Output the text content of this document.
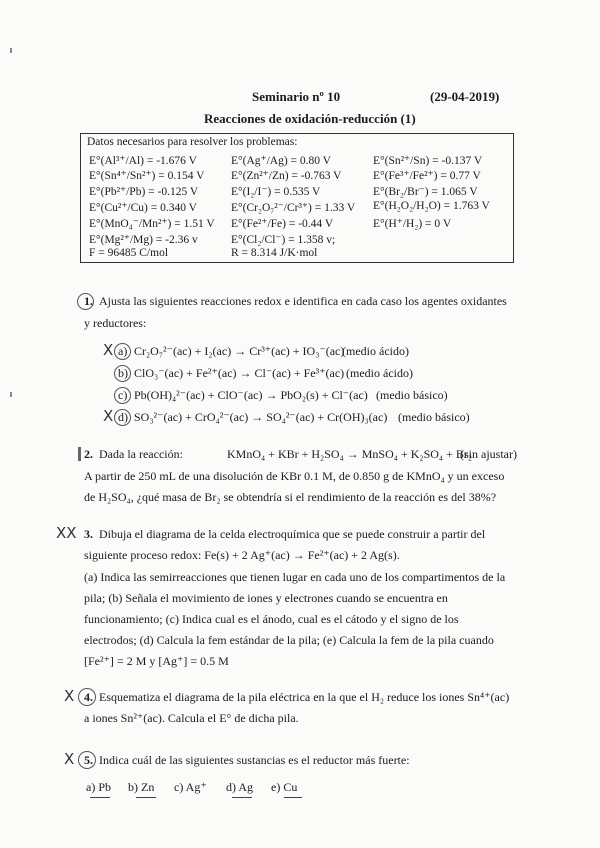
Seminario nº 10	(29-04-2019)
Reacciones de oxidación-reducción (1)
Datos necesarios para resolver los problemas:
E°(Al³⁺/Al) = -1.676 V	E°(Ag⁺/Ag) = 0.80 V	E°(Sn²⁺/Sn) = -0.137 V
E°(Sn⁴⁺/Sn²⁺) = 0.154 V E°(Zn²⁺/Zn) = -0.763 V	E°(Fe³⁺/Fe²⁺) = 0.77 V
E°(Pb²⁺/Pb) = -0.125 V	E°(I₂/I⁻) = 0.535 V	E°(Br₂/Br⁻) = 1.065 V
E°(Cu²⁺/Cu) = 0.340 V	E°(Cr₂O₇²⁻/Cr³⁺) = 1.33 V E°(H₂O₂/H₂O) = 1.763 V
E°(MnO₄⁻/Mn²⁺) = 1.51 V E°(Fe²⁺/Fe) = -0.44 V	E°(H⁺/H₂) = 0 V
E°(Mg²⁺/Mg) = -2.36 v	E°(Cl₂/Cl⁻) = 1.358 v;
F = 96485 C/mol	R = 8.314 J/K·mol
1. Ajusta las siguientes reacciones redox e identifica en cada caso los agentes oxidantes
y reductores:
X a) Cr₂O₇²⁻(ac) + I₂(ac) → Cr³⁺(ac) + IO₃⁻(ac)
(medio ácido)
b) ClO₃⁻(ac) + Fe²⁺(ac) → Cl⁻(ac) + Fe³⁺(ac) (medio ácido)
c) Pb(OH)₄²⁻(ac) + ClO⁻(ac) → PbO₂(s) + Cl⁻(ac) (medio básico)
X d) SO₃²⁻(ac) + CrO₄²⁻(ac) → SO₄²⁻(ac) + Cr(OH)₃(ac) (medio básico)
2. Dada la reacción:	KMnO₄ + KBr + H₂SO₄ → MnSO₄ + K₂SO₄ + Br₂
(sin ajustar)
A partir de 250 mL de una disolución de KBr 0.1 M, de 0.850 g de KMnO₄ y un exceso
de H₂SO₄, ¿qué masa de Br₂ se obtendría si el rendimiento de la reacción es del 38%?
XX 3. Dibuja el diagrama de la celda electroquímica que se puede construir a partir del
siguiente proceso redox: Fe(s) + 2 Ag⁺(ac) → Fe²⁺(ac) + 2 Ag(s).
(a) Indica las semirreacciones que tienen lugar en cada uno de los compartimentos de la
pila; (b) Señala el movimiento de iones y electrones cuando se encuentra en
funcionamiento; (c) Indica cual es el ánodo, cual es el cátodo y el signo de los
electrodos; (d) Calcula la fem estándar de la pila; (e) Calcula la fem de la pila cuando
[Fe²⁺] = 2 M y [Ag⁺] = 0.5 M
X 4. Esquematiza el diagrama de la pila eléctrica en la que el H₂ reduce los iones Sn⁴⁺(ac)
a iones Sn²⁺(ac). Calcula el E° de dicha pila.
X 5. Indica cuál de las siguientes sustancias es el reductor más fuerte:
a) Pb b) Zn c) Ag⁺ d) Ag e) Cu
